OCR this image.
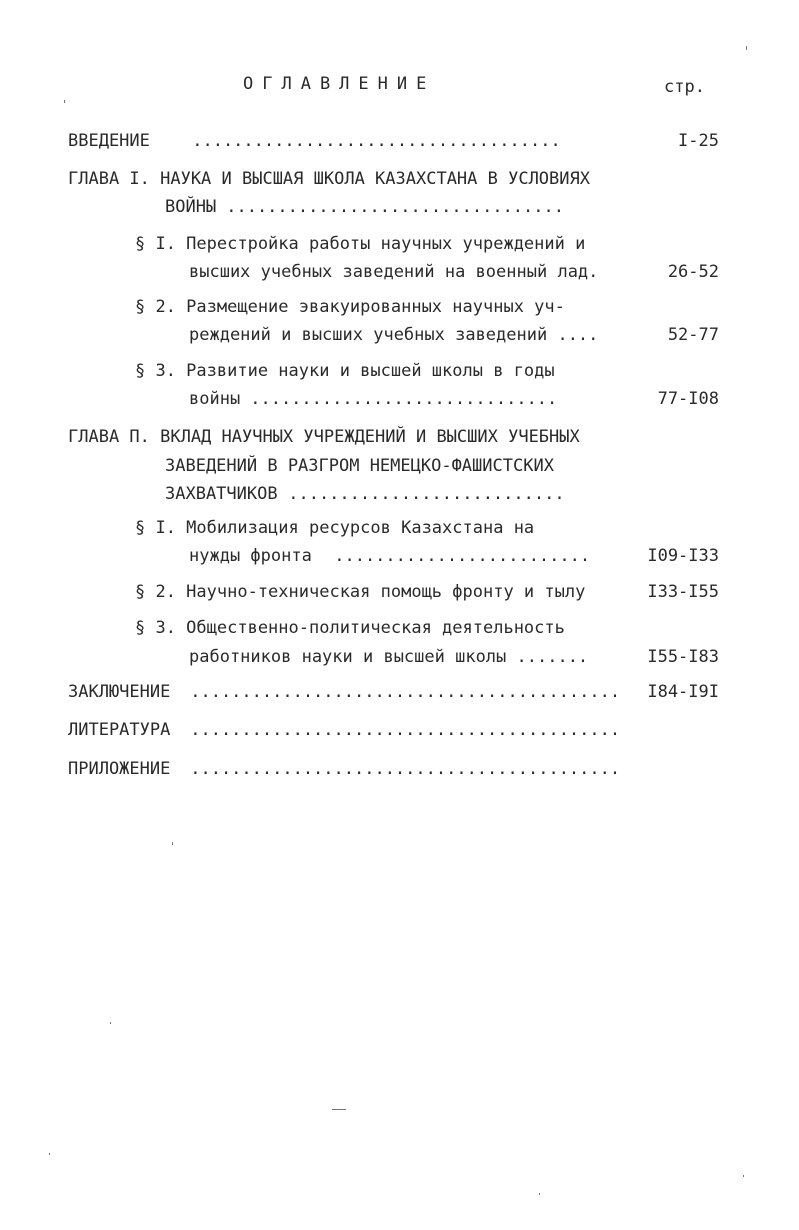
ОГЛАВЛЕНИЕ	стр.
ВВЕДЕНИЕ ....................................	I-25
ГЛАВА I. НАУКА И ВЫСШАЯ ШКОЛА КАЗАХСТАНА В УСЛОВИЯХ
ВОЙНЫ .................................
§ I. Перестройка работы научных учреждений и
высших учебных заведений на военный лад.	26-52
§ 2. Размещение эвакуированных научных уч-
реждений и высших учебных заведений ....	52-77
§ 3. Развитие науки и высшей школы в годы
войны ..............................	77-I08
ГЛАВА П. ВКЛАД НАУЧНЫХ УЧРЕЖДЕНИЙ И ВЫСШИХ УЧЕБНЫХ
ЗАВЕДЕНИЙ В РАЗГРОМ НЕМЕЦКО-ФАШИСТСКИХ
ЗАХВАТЧИКОВ ...........................
§ I. Мобилизация ресурсов Казахстана на
нужды фронта .........................	I09-I33
§ 2. Научно-техническая помощь фронту и тылу	I33-I55
§ 3. Общественно-политическая деятельность
работников науки и высшей школы .......	I55-I83
ЗАКЛЮЧЕНИЕ .......................................... I84-I9I
ЛИТЕРАТУРА ..........................................
ПРИЛОЖЕНИЕ ..........................................
